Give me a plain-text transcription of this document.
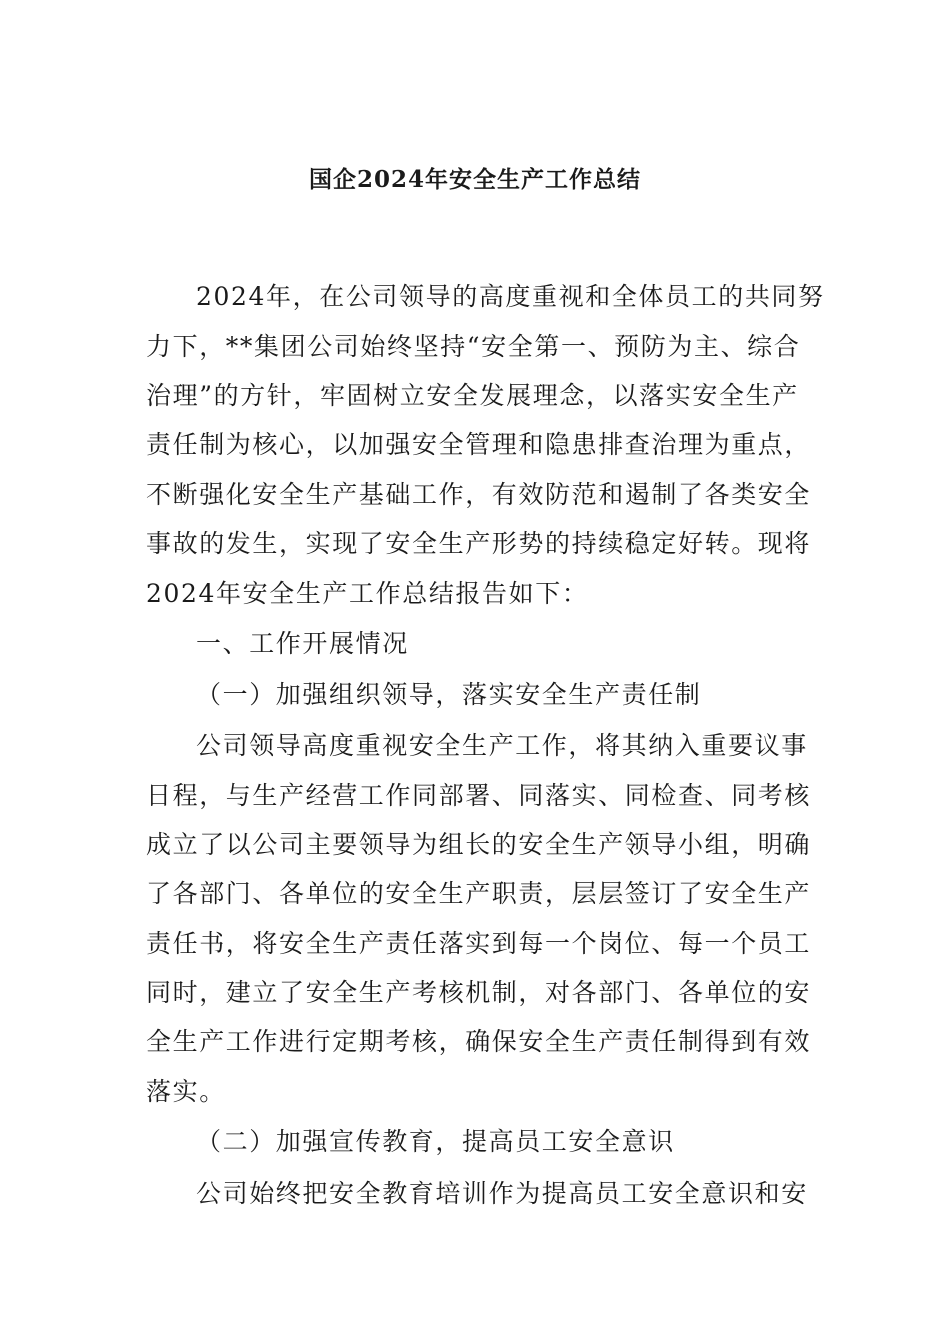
国企2024年安全生产工作总结
2024年，在公司领导的高度重视和全体员工的共同努
力下，**集团公司始终坚持“安全第一、预防为主、综合
治理”的方针，牢固树立安全发展理念，以落实安全生产
责任制为核心，以加强安全管理和隐患排查治理为重点，
不断强化安全生产基础工作，有效防范和遏制了各类安全
事故的发生，实现了安全生产形势的持续稳定好转。现将
2024年安全生产工作总结报告如下：
一、工作开展情况
（一）加强组织领导，落实安全生产责任制
公司领导高度重视安全生产工作，将其纳入重要议事
日程，与生产经营工作同部署、同落实、同检查、同考核
成立了以公司主要领导为组长的安全生产领导小组，明确
了各部门、各单位的安全生产职责，层层签订了安全生产
责任书，将安全生产责任落实到每一个岗位、每一个员工
同时，建立了安全生产考核机制，对各部门、各单位的安
全生产工作进行定期考核，确保安全生产责任制得到有效
落实。
（二）加强宣传教育，提高员工安全意识
公司始终把安全教育培训作为提高员工安全意识和安
